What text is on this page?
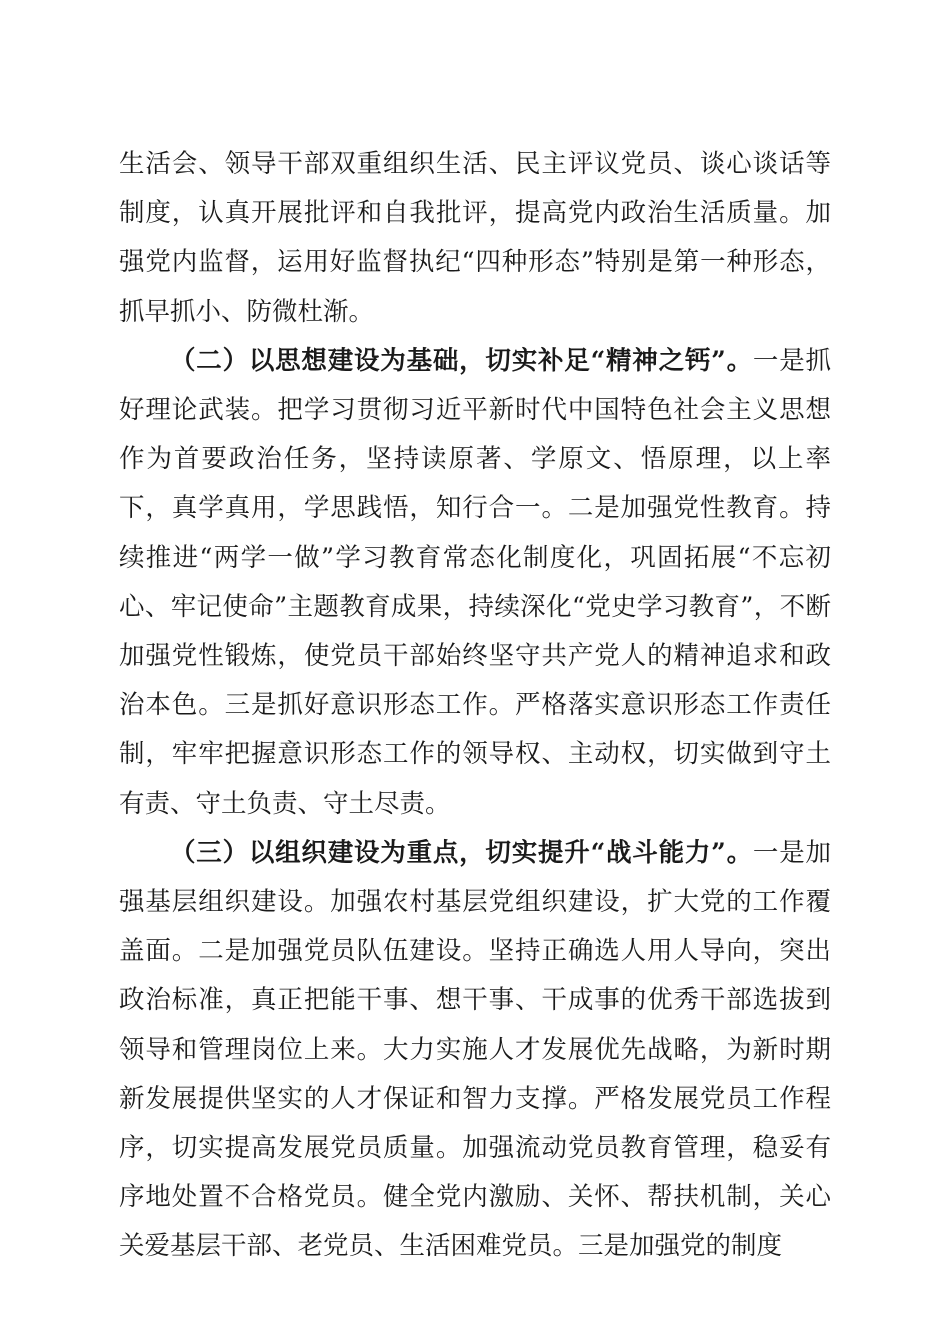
生活会、领导干部双重组织生活、民主评议党员、谈心谈话等制度，认真开展批评和自我批评，提高党内政治生活质量。加强党内监督，运用好监督执纪“四种形态”特别是第一种形态，抓早抓小、防微杜渐。

（二）以思想建设为基础，切实补足“精神之钙”。一是抓好理论武装。把学习贯彻习近平新时代中国特色社会主义思想作为首要政治任务，坚持读原著、学原文、悟原理，以上率下，真学真用，学思践悟，知行合一。二是加强党性教育。持续推进“两学一做”学习教育常态化制度化，巩固拓展“不忘初心、牢记使命”主题教育成果，持续深化“党史学习教育”，不断加强党性锻炼，使党员干部始终坚守共产党人的精神追求和政治本色。三是抓好意识形态工作。严格落实意识形态工作责任制，牢牢把握意识形态工作的领导权、主动权，切实做到守土有责、守土负责、守土尽责。

（三）以组织建设为重点，切实提升“战斗能力”。一是加强基层组织建设。加强农村基层党组织建设，扩大党的工作覆盖面。二是加强党员队伍建设。坚持正确选人用人导向，突出政治标准，真正把能干事、想干事、干成事的优秀干部选拔到领导和管理岗位上来。大力实施人才发展优先战略，为新时期新发展提供坚实的人才保证和智力支撑。严格发展党员工作程序，切实提高发展党员质量。加强流动党员教育管理，稳妥有序地处置不合格党员。健全党内激励、关怀、帮扶机制，关心关爱基层干部、老党员、生活困难党员。三是加强党的制度
